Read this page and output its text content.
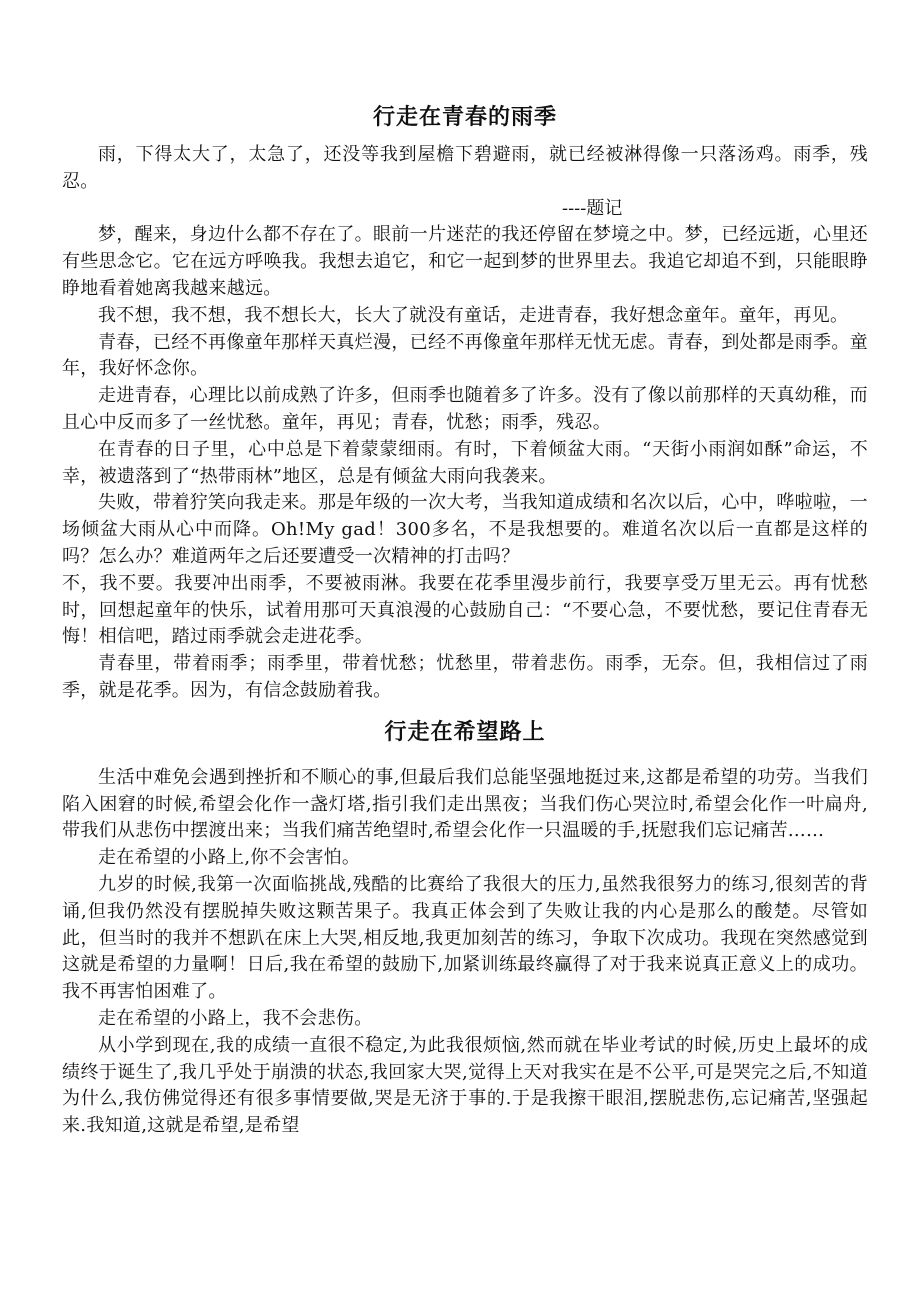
行走在青春的雨季

雨，下得太大了，太急了，还没等我到屋檐下碧避雨，就已经被淋得像一只落汤鸡。雨季，残忍。

----题记

梦，醒来，身边什么都不存在了。眼前一片迷茫的我还停留在梦境之中。梦，已经远逝，心里还有些思念它。它在远方呼唤我。我想去追它，和它一起到梦的世界里去。我追它却追不到，只能眼睁睁地看着她离我越来越远。

我不想，我不想，我不想长大，长大了就没有童话，走进青春，我好想念童年。童年，再见。

青春，已经不再像童年那样天真烂漫，已经不再像童年那样无忧无虑。青春，到处都是雨季。童年，我好怀念你。

走进青春，心理比以前成熟了许多，但雨季也随着多了许多。没有了像以前那样的天真幼稚，而且心中反而多了一丝忧愁。童年，再见；青春，忧愁；雨季，残忍。

在青春的日子里，心中总是下着蒙蒙细雨。有时，下着倾盆大雨。“天街小雨润如酥”命运，不幸，被遗落到了“热带雨林”地区，总是有倾盆大雨向我袭来。

失败，带着狞笑向我走来。那是年级的一次大考，当我知道成绩和名次以后，心中，哗啦啦，一场倾盆大雨从心中而降。Oh!My gad！300多名，不是我想要的。难道名次以后一直都是这样的吗？怎么办？难道两年之后还要遭受一次精神的打击吗？

不，我不要。我要冲出雨季，不要被雨淋。我要在花季里漫步前行，我要享受万里无云。再有忧愁时，回想起童年的快乐，试着用那可天真浪漫的心鼓励自己：“不要心急，不要忧愁，要记住青春无悔！相信吧，踏过雨季就会走进花季。

青春里，带着雨季；雨季里，带着忧愁；忧愁里，带着悲伤。雨季，无奈。但，我相信过了雨季，就是花季。因为，有信念鼓励着我。

行走在希望路上

生活中难免会遇到挫折和不顺心的事,但最后我们总能坚强地挺过来,这都是希望的功劳。当我们陷入困窘的时候,希望会化作一盏灯塔,指引我们走出黑夜；当我们伤心哭泣时,希望会化作一叶扁舟,带我们从悲伤中摆渡出来；当我们痛苦绝望时,希望会化作一只温暖的手,抚慰我们忘记痛苦……

走在希望的小路上,你不会害怕。

九岁的时候,我第一次面临挑战,残酷的比赛给了我很大的压力,虽然我很努力的练习,很刻苦的背诵,但我仍然没有摆脱掉失败这颗苦果子。我真正体会到了失败让我的内心是那么的酸楚。尽管如此，但当时的我并不想趴在床上大哭,相反地,我更加刻苦的练习，争取下次成功。我现在突然感觉到这就是希望的力量啊！日后,我在希望的鼓励下,加紧训练最终赢得了对于我来说真正意义上的成功。我不再害怕困难了。

走在希望的小路上，我不会悲伤。

从小学到现在,我的成绩一直很不稳定,为此我很烦恼,然而就在毕业考试的时候,历史上最坏的成绩终于诞生了,我几乎处于崩溃的状态,我回家大哭,觉得上天对我实在是不公平,可是哭完之后,不知道为什么,我仿佛觉得还有很多事情要做,哭是无济于事的.于是我擦干眼泪,摆脱悲伤,忘记痛苦,坚强起来.我知道,这就是希望,是希望
